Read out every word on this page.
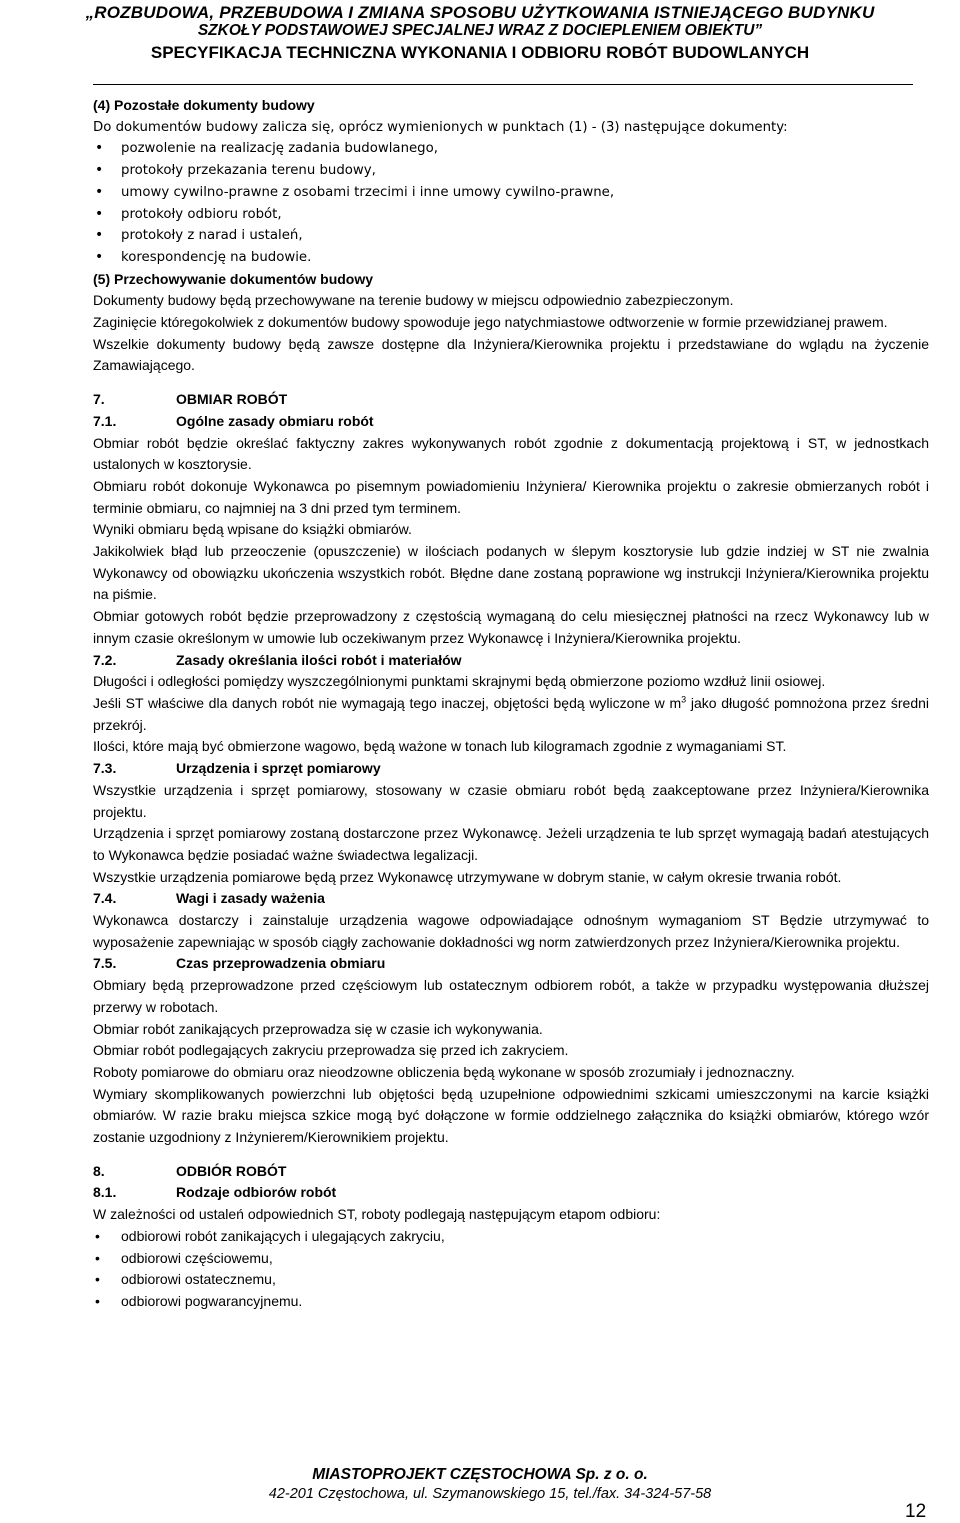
„ROZBUDOWA, PRZEBUDOWA I ZMIANA SPOSOBU UŻYTKOWANIA ISTNIEJĄCEGO BUDYNKU
SZKOŁY PODSTAWOWEJ SPECJALNEJ WRAZ Z DOCIEPLENIEM OBIEKTU”
SPECYFIKACJA TECHNICZNA WYKONANIA I ODBIORU ROBÓT BUDOWLANYCH

(4) Pozostałe dokumenty budowy

Do dokumentów budowy zalicza się, oprócz wymienionych w punktach (1) - (3) następujące dokumenty:

• pozwolenie na realizację zadania budowlanego,
• protokoły przekazania terenu budowy,
• umowy cywilno-prawne z osobami trzecimi i inne umowy cywilno-prawne,
• protokoły odbioru robót,
• protokoły z narad i ustaleń,
• korespondencję na budowie.

(5) Przechowywanie dokumentów budowy

Dokumenty budowy będą przechowywane na terenie budowy w miejscu odpowiednio zabezpieczonym.

Zaginięcie któregokolwiek z dokumentów budowy spowoduje jego natychmiastowe odtworzenie w formie przewidzianej prawem.

Wszelkie dokumenty budowy będą zawsze dostępne dla Inżyniera/Kierownika projektu i przedstawiane do wglądu na życzenie Zamawiającego.

7.	OBMIAR ROBÓT
7.1.	Ogólne zasady obmiaru robót

Obmiar robót będzie określać faktyczny zakres wykonywanych robót zgodnie z dokumentacją projektową i ST, w jednostkach ustalonych w kosztorysie.

Obmiaru robót dokonuje Wykonawca po pisemnym powiadomieniu Inżyniera/ Kierownika projektu o zakresie obmierzanych robót i terminie obmiaru, co najmniej na 3 dni przed tym terminem.

Wyniki obmiaru będą wpisane do książki obmiarów.

Jakikolwiek błąd lub przeoczenie (opuszczenie) w ilościach podanych w ślepym kosztorysie lub gdzie indziej w ST nie zwalnia Wykonawcy od obowiązku ukończenia wszystkich robót. Błędne dane zostaną poprawione wg instrukcji Inżyniera/Kierownika projektu na piśmie.

Obmiar gotowych robót będzie przeprowadzony z częstością wymaganą do celu miesięcznej płatności na rzecz Wykonawcy lub w innym czasie określonym w umowie lub oczekiwanym przez Wykonawcę i Inżyniera/Kierownika projektu.

7.2.	Zasady określania ilości robót i materiałów

Długości i odległości pomiędzy wyszczególnionymi punktami skrajnymi będą obmierzone poziomo wzdłuż linii osiowej.

Jeśli ST właściwe dla danych robót nie wymagają tego inaczej, objętości będą wyliczone w $m^3$ jako długość pomnożona przez średni przekrój.

Ilości, które mają być obmierzone wagowo, będą ważone w tonach lub kilogramach zgodnie z wymaganiami ST.

7.3.	Urządzenia i sprzęt pomiarowy

Wszystkie urządzenia i sprzęt pomiarowy, stosowany w czasie obmiaru robót będą zaakceptowane przez Inżyniera/Kierownika projektu.

Urządzenia i sprzęt pomiarowy zostaną dostarczone przez Wykonawcę. Jeżeli urządzenia te lub sprzęt wymagają badań atestujących to Wykonawca będzie posiadać ważne świadectwa legalizacji.

Wszystkie urządzenia pomiarowe będą przez Wykonawcę utrzymywane w dobrym stanie, w całym okresie trwania robót.

7.4.	Wagi i zasady ważenia

Wykonawca dostarczy i zainstaluje urządzenia wagowe odpowiadające odnośnym wymaganiom ST Będzie utrzymywać to wyposażenie zapewniając w sposób ciągły zachowanie dokładności wg norm zatwierdzonych przez Inżyniera/Kierownika projektu.

7.5.	Czas przeprowadzenia obmiaru

Obmiary będą przeprowadzone przed częściowym lub ostatecznym odbiorem robót, a także w przypadku występowania dłuższej przerwy w robotach.

Obmiar robót zanikających przeprowadza się w czasie ich wykonywania.

Obmiar robót podlegających zakryciu przeprowadza się przed ich zakryciem.

Roboty pomiarowe do obmiaru oraz nieodzowne obliczenia będą wykonane w sposób zrozumiały i jednoznaczny.

Wymiary skomplikowanych powierzchni lub objętości będą uzupełnione odpowiednimi szkicami umieszczonymi na karcie książki obmiarów. W razie braku miejsca szkice mogą być dołączone w formie oddzielnego załącznika do książki obmiarów, którego wzór zostanie uzgodniony z Inżynierem/Kierownikiem projektu.

8.	ODBIÓR ROBÓT
8.1.	Rodzaje odbiorów robót

W zależności od ustaleń odpowiednich ST, roboty podlegają następującym etapom odbioru:

• odbiorowi robót zanikających i ulegających zakryciu,
• odbiorowi częściowemu,
• odbiorowi ostatecznemu,
• odbiorowi pogwarancyjnemu.
MIASTOPROJEKT CZĘSTOCHOWA Sp. z o. o.
42-201 Częstochowa, ul. Szymanowskiego 15, tel./fax. 34-324-57-58
12
